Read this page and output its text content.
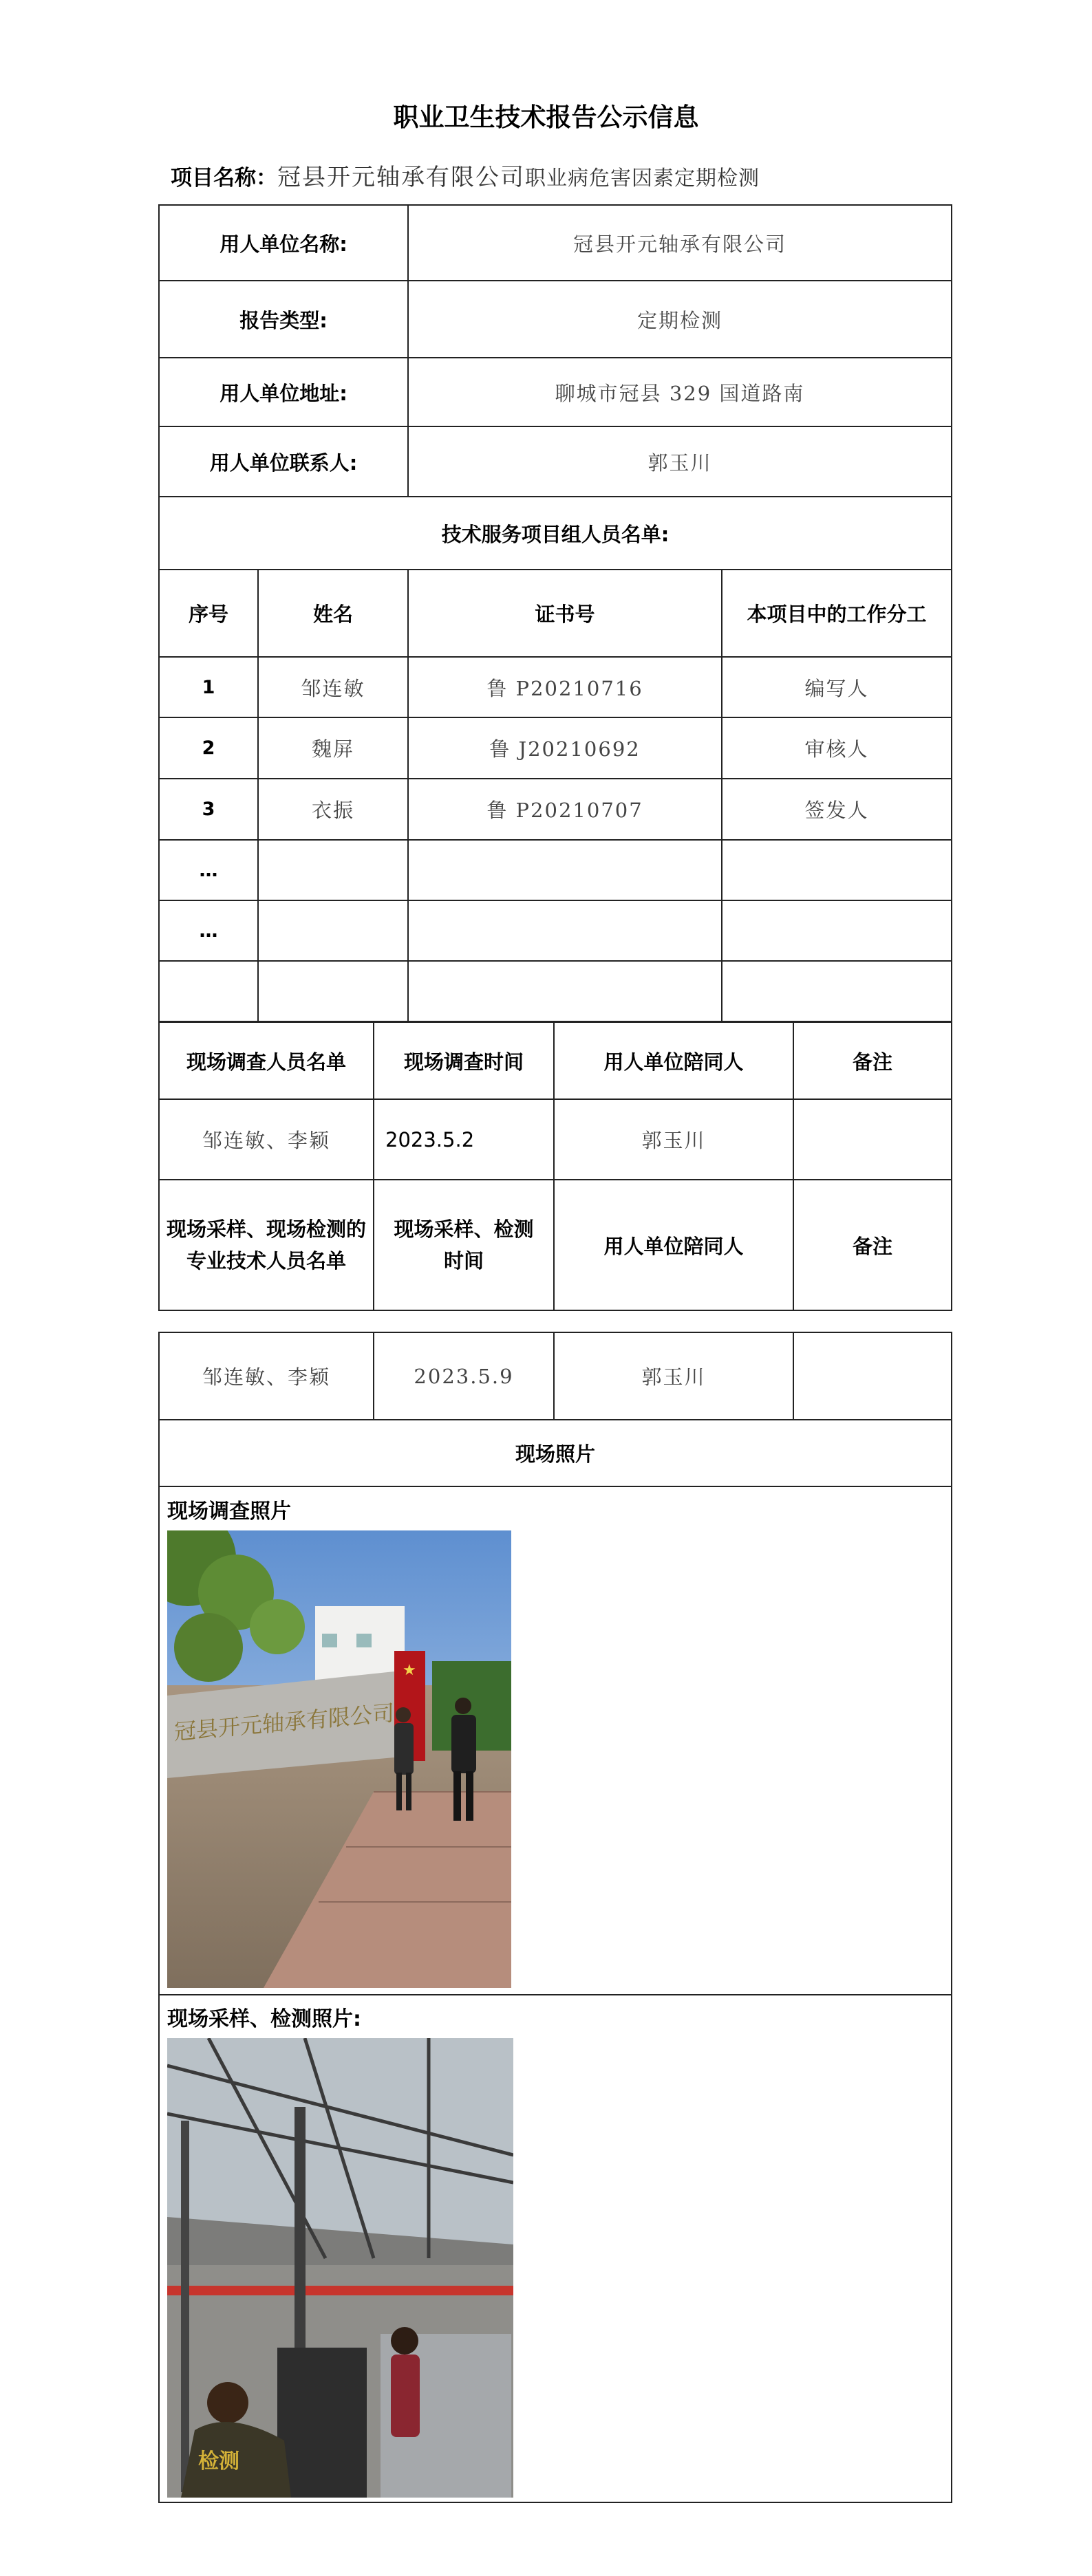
职业卫生技术报告公示信息
项目名称：冠县开元轴承有限公司职业病危害因素定期检测
用人单位名称:		冠县开元轴承有限公司	
报告类型:		定期检测	
用人单位地址:		聊城市冠县 329 国道路南	
用人单位联系人:		郭玉川	
技术服务项目组人员名单:			
序号	姓名	证书号	本项目中的工作分工
1	邹连敏	鲁 P20210716	编写人
2	魏屏	鲁 J20210692	审核人
3	衣振	鲁 P20210707	签发人
…			
…			

现场调查人员名单	现场调查时间	用人单位陪同人	备注
邹连敏、李颖	2023.5.2	郭玉川	
现场采样、现场检测的专业技术人员名单	现场采样、检测时间	用人单位陪同人	备注
邹连敏、李颖	2023.5.9	郭玉川	
现场照片

现场调查照片
现场采样、检测照片:
冠县开元轴承有限公司
★
检测
